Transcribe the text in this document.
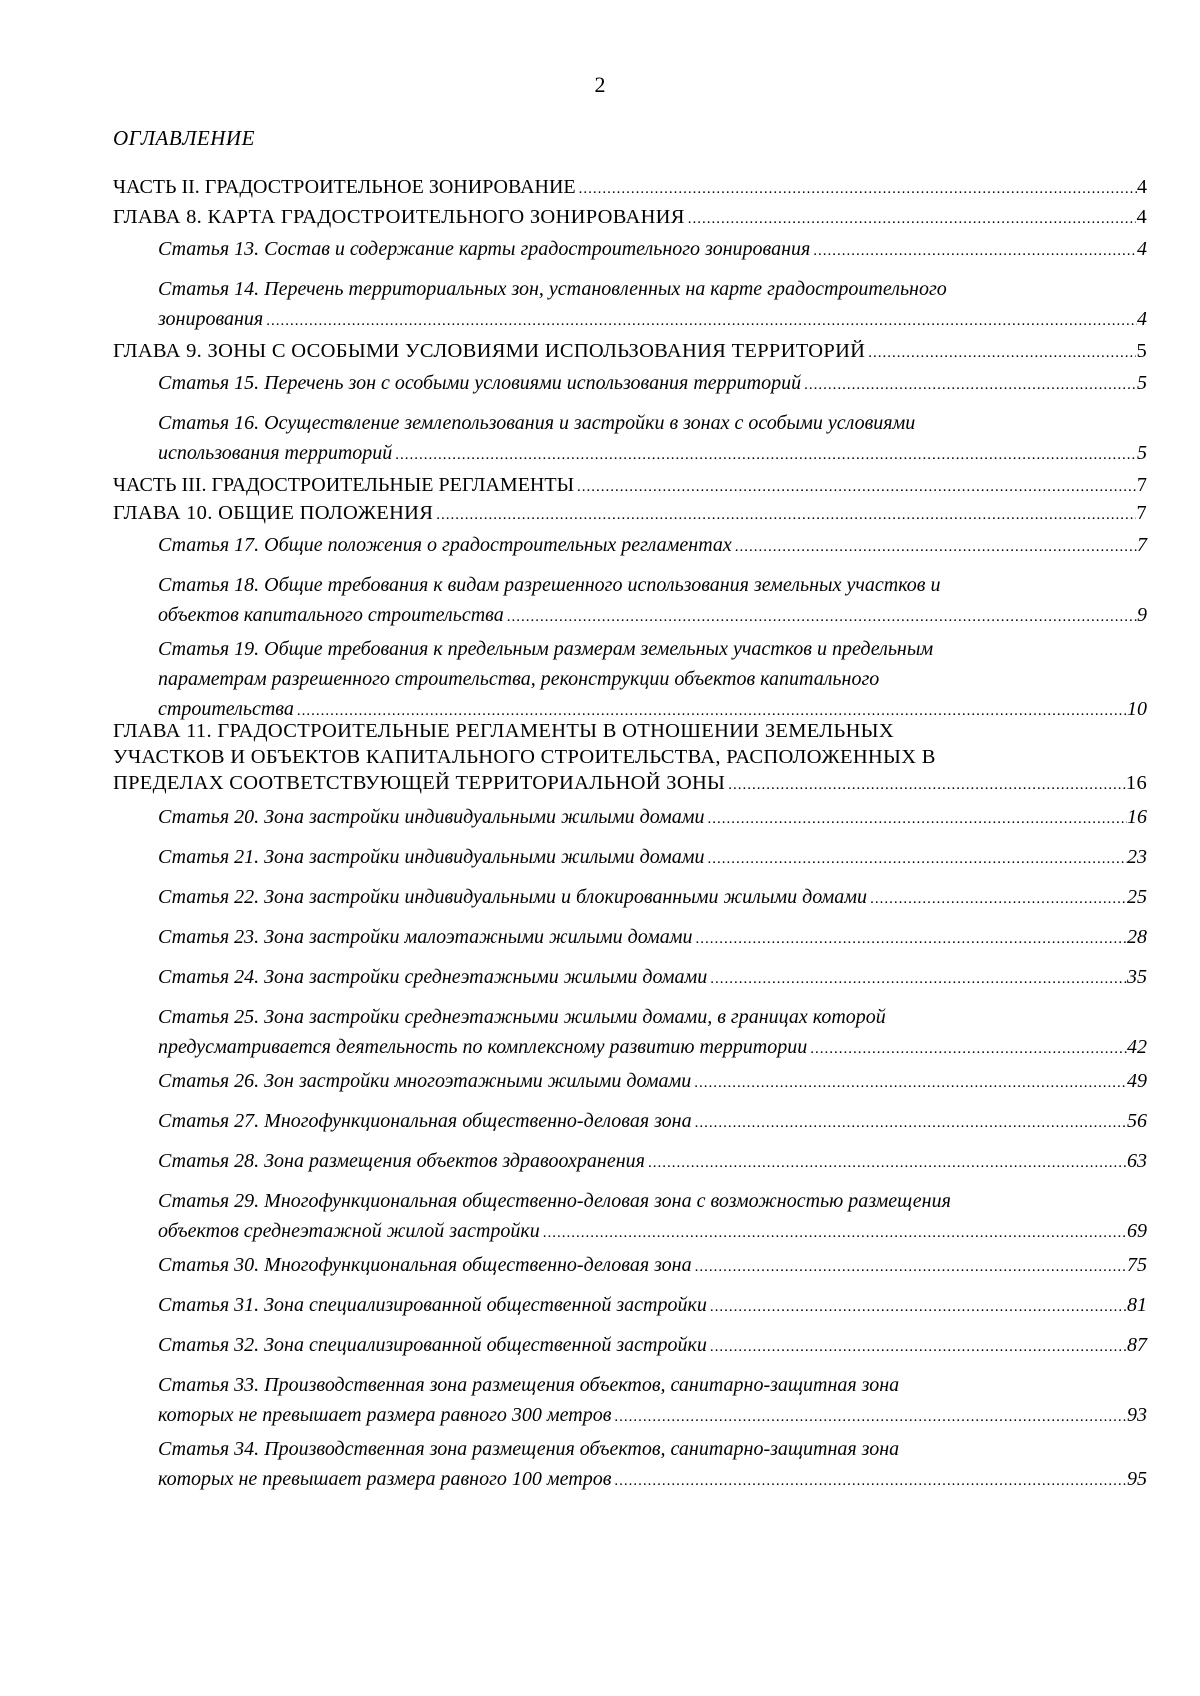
2
ОГЛАВЛЕНИЕ
ЧАСТЬ II. ГРАДОСТРОИТЕЛЬНОЕ ЗОНИРОВАНИЕ .....	4
ГЛАВА 8. КАРТА ГРАДОСТРОИТЕЛЬНОГО ЗОНИРОВАНИЯ .....	4
Статья 13. Состав и содержание карты градостроительного зонирования .....	4
Статья 14. Перечень территориальных зон, установленных на карте градостроительного
зонирования .....	4
ГЛАВА 9. ЗОНЫ С ОСОБЫМИ УСЛОВИЯМИ ИСПОЛЬЗОВАНИЯ ТЕРРИТОРИЙ .....	5
Статья 15. Перечень зон с особыми условиями использования территорий .....	5
Статья 16. Осуществление землепользования и застройки в зонах с особыми условиями
использования территорий .....	5
ЧАСТЬ III. ГРАДОСТРОИТЕЛЬНЫЕ РЕГЛАМЕНТЫ .....	7
ГЛАВА 10. ОБЩИЕ ПОЛОЖЕНИЯ .....	7
Статья 17. Общие положения о градостроительных регламентах .....	7
Статья 18. Общие требования к видам разрешенного использования земельных участков и
объектов капитального строительства .....	9
Статья 19. Общие требования к предельным размерам земельных участков и предельным
параметрам разрешенного строительства, реконструкции объектов капитального
строительства .....	10
ГЛАВА 11. ГРАДОСТРОИТЕЛЬНЫЕ РЕГЛАМЕНТЫ В ОТНОШЕНИИ ЗЕМЕЛЬНЫХ
УЧАСТКОВ И ОБЪЕКТОВ КАПИТАЛЬНОГО СТРОИТЕЛЬСТВА, РАСПОЛОЖЕННЫХ В
ПРЕДЕЛАХ СООТВЕТСТВУЮЩЕЙ ТЕРРИТОРИАЛЬНОЙ ЗОНЫ .....	16
Статья 20. Зона застройки индивидуальными жилыми домами .....	16
Статья 21. Зона застройки индивидуальными жилыми домами .....	23
Статья 22. Зона застройки индивидуальными и блокированными жилыми домами .....	25
Статья 23. Зона застройки малоэтажными жилыми домами .....	28
Статья 24. Зона застройки среднеэтажными жилыми домами .....	35
Статья 25. Зона застройки среднеэтажными жилыми домами, в границах которой
предусматривается деятельность по комплексному развитию территории .....	42
Статья 26. Зон застройки многоэтажными жилыми домами .....	49
Статья 27. Многофункциональная общественно-деловая зона .....	56
Статья 28. Зона размещения объектов здравоохранения .....	63
Статья 29. Многофункциональная общественно-деловая зона с возможностью размещения
объектов среднеэтажной жилой застройки .....	69
Статья 30. Многофункциональная общественно-деловая зона .....	75
Статья 31. Зона специализированной общественной застройки .....	81
Статья 32. Зона специализированной общественной застройки .....	87
Статья 33. Производственная зона размещения объектов, санитарно-защитная зона
которых не превышает размера равного 300 метров .....	93
Статья 34. Производственная зона размещения объектов, санитарно-защитная зона
которых не превышает размера равного 100 метров .....	95
